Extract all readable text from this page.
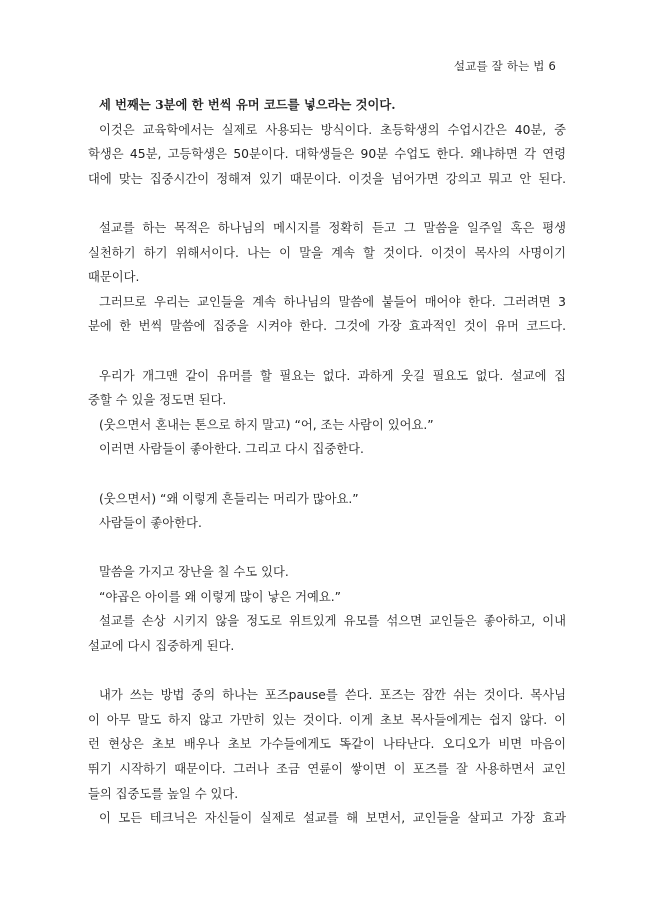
설교를 잘 하는 법 6
세 번째는 3분에 한 번씩 유머 코드를 넣으라는 것이다.
이것은 교육학에서는 실제로 사용되는 방식이다. 초등학생의 수업시간은 40분, 중
학생은 45분, 고등학생은 50분이다. 대학생들은 90분 수업도 한다. 왜냐하면 각 연령
대에 맞는 집중시간이 정해져 있기 때문이다. 이것을 넘어가면 강의고 뭐고 안 된다.
설교를 하는 목적은 하나님의 메시지를 정확히 듣고 그 말씀을 일주일 혹은 평생
실천하기 하기 위해서이다. 나는 이 말을 계속 할 것이다. 이것이 목사의 사명이기
때문이다.
그러므로 우리는 교인들을 계속 하나님의 말씀에 붙들어 매어야 한다. 그러려면 3
분에 한 번씩 말씀에 집중을 시켜야 한다. 그것에 가장 효과적인 것이 유머 코드다.
우리가 개그맨 같이 유머를 할 필요는 없다. 과하게 웃길 필요도 없다. 설교에 집
중할 수 있을 정도면 된다.
(웃으면서 혼내는 톤으로 하지 말고) “어, 조는 사람이 있어요.”
이러면 사람들이 좋아한다. 그리고 다시 집중한다.
(웃으면서) “왜 이렇게 흔들리는 머리가 많아요.”
사람들이 좋아한다.
말씀을 가지고 장난을 칠 수도 있다.
“야곱은 아이를 왜 이렇게 많이 낳은 거예요.”
설교를 손상 시키지 않을 정도로 위트있게 유모를 섞으면 교인들은 좋아하고, 이내
설교에 다시 집중하게 된다.
내가 쓰는 방법 중의 하나는 포즈pause를 쓴다. 포즈는 잠깐 쉬는 것이다. 목사님
이 아무 말도 하지 않고 가만히 있는 것이다. 이게 초보 목사들에게는 쉽지 않다. 이
런 현상은 초보 배우나 초보 가수들에게도 똑같이 나타난다. 오디오가 비면 마음이
뛰기 시작하기 때문이다. 그러나 조금 연륜이 쌓이면 이 포즈를 잘 사용하면서 교인
들의 집중도를 높일 수 있다.
이 모든 테크닉은 자신들이 실제로 설교를 해 보면서, 교인들을 살피고 가장 효과
